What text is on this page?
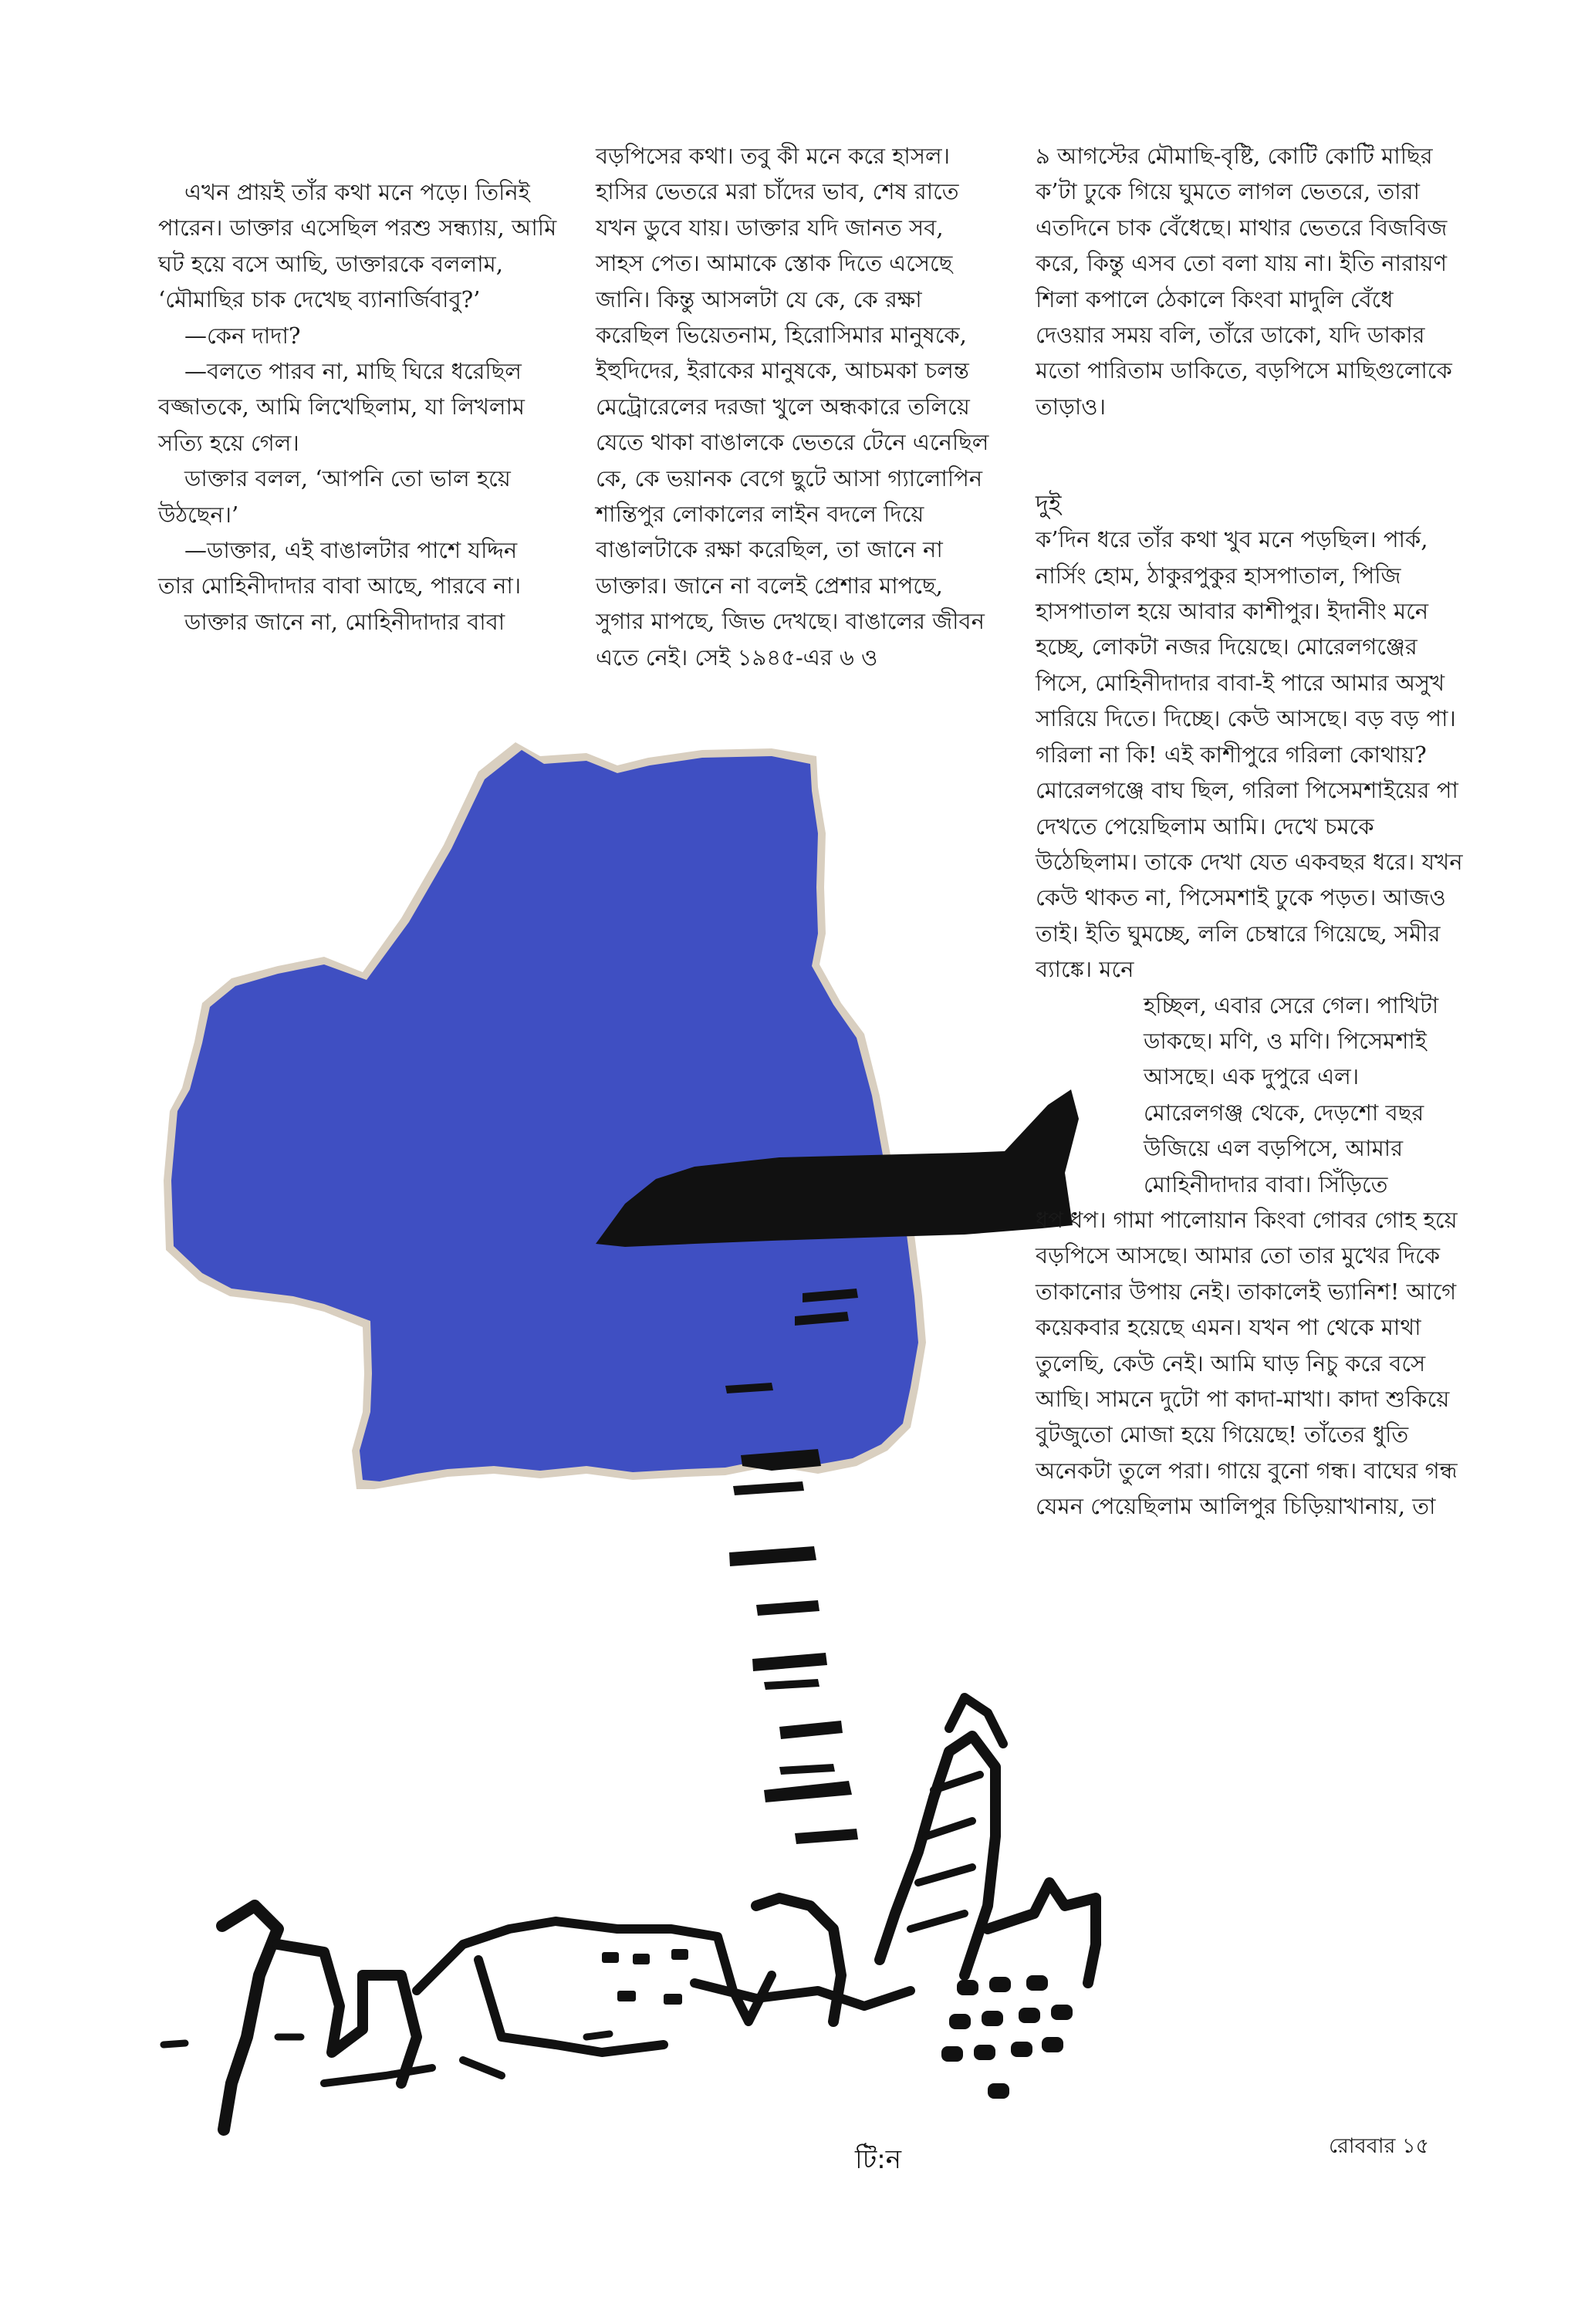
টি:ন

এখন প্রায়ই তাঁর কথা মনে পড়ে। তিনিই পারেন। ডাক্তার এসেছিল পরশু সন্ধ্যায়, আমি ঘট হয়ে বসে আছি, ডাক্তারকে বললাম, ‘মৌমাছির চাক দেখেছ ব্যানার্জিবাবু?’

—কেন দাদা?

—বলতে পারব না, মাছি ঘিরে ধরেছিল বজ্জাতকে, আমি লিখেছিলাম, যা লিখলাম সত্যি হয়ে গেল।

ডাক্তার বলল, ‘আপনি তো ভাল হয়ে উঠছেন।’

—ডাক্তার, এই বাঙালটার পাশে যদ্দিন তার মোহিনীদাদার বাবা আছে, পারবে না।

ডাক্তার জানে না, মোহিনীদাদার বাবা

বড়পিসের কথা। তবু কী মনে করে হাসল। হাসির ভেতরে মরা চাঁদের ভাব, শেষ রাতে যখন ডুবে যায়। ডাক্তার যদি জানত সব, সাহস পেত। আমাকে স্তোক দিতে এসেছে জানি। কিন্তু আসলটা যে কে, কে রক্ষা করেছিল ভিয়েতনাম, হিরোসিমার মানুষকে, ইহুদিদের, ইরাকের মানুষকে, আচমকা চলন্ত মেট্রোরেলের দরজা খুলে অন্ধকারে তলিয়ে যেতে থাকা বাঙালকে ভেতরে টেনে এনেছিল কে, কে ভয়ানক বেগে ছুটে আসা গ্যালোপিন শান্তিপুর লোকালের লাইন বদলে দিয়ে বাঙালটাকে রক্ষা করেছিল, তা জানে না ডাক্তার। জানে না বলেই প্রেশার মাপছে, সুগার মাপছে, জিভ দেখছে। বাঙালের জীবন এতে নেই। সেই ১৯৪৫-এর ৬ ও

৯ আগস্টের মৌমাছি-বৃষ্টি, কোটি কোটি মাছির ক’টা ঢুকে গিয়ে ঘুমতে লাগল ভেতরে, তারা এতদিনে চাক বেঁধেছে। মাথার ভেতরে বিজবিজ করে, কিন্তু এসব তো বলা যায় না। ইতি নারায়ণ শিলা কপালে ঠেকালে কিংবা মাদুলি বেঁধে দেওয়ার সময় বলি, তাঁরে ডাকো, যদি ডাকার মতো পারিতাম ডাকিতে, বড়পিসে মাছিগুলোকে তাড়াও।

দুই

ক’দিন ধরে তাঁর কথা খুব মনে পড়ছিল। পার্ক, নার্সিং হোম, ঠাকুরপুকুর হাসপাতাল, পিজি হাসপাতাল হয়ে আবার কাশীপুর। ইদানীং মনে হচ্ছে, লোকটা নজর দিয়েছে। মোরেলগঞ্জের পিসে, মোহিনীদাদার বাবা-ই পারে আমার অসুখ সারিয়ে দিতে। দিচ্ছে। কেউ আসছে। বড় বড় পা। গরিলা না কি! এই কাশীপুরে গরিলা কোথায়? মোরেলগঞ্জে বাঘ ছিল, গরিলা পিসেমশাইয়ের পা দেখতে পেয়েছিলাম আমি। দেখে চমকে উঠেছিলাম। তাকে দেখা যেত একবছর ধরে। যখন কেউ থাকত না, পিসেমশাই ঢুকে পড়ত। আজও তাই। ইতি ঘুমচ্ছে, ললি চেম্বারে গিয়েছে, সমীর ব্যাঙ্কে। মনে

হচ্ছিল, এবার সেরে গেল। পাখিটা ডাকছে। মণি, ও মণি। পিসেমশাই আসছে। এক দুপুরে এল। মোরেলগঞ্জ থেকে, দেড়শো বছর উজিয়ে এল বড়পিসে, আমার মোহিনীদাদার বাবা। সিঁড়িতে

ধপ ধপ। গামা পালোয়ান কিংবা গোবর গোহ হয়ে বড়পিসে আসছে। আমার তো তার মুখের দিকে তাকানোর উপায় নেই। তাকালেই ভ্যানিশ! আগে কয়েকবার হয়েছে এমন। যখন পা থেকে মাথা তুলেছি, কেউ নেই। আমি ঘাড় নিচু করে বসে আছি। সামনে দুটো পা কাদা-মাখা। কাদা শুকিয়ে বুটজুতো মোজা হয়ে গিয়েছে! তাঁতের ধুতি অনেকটা তুলে পরা। গায়ে বুনো গন্ধ। বাঘের গন্ধ যেমন পেয়েছিলাম আলিপুর চিড়িয়াখানায়, তা

রোববার ১৫
